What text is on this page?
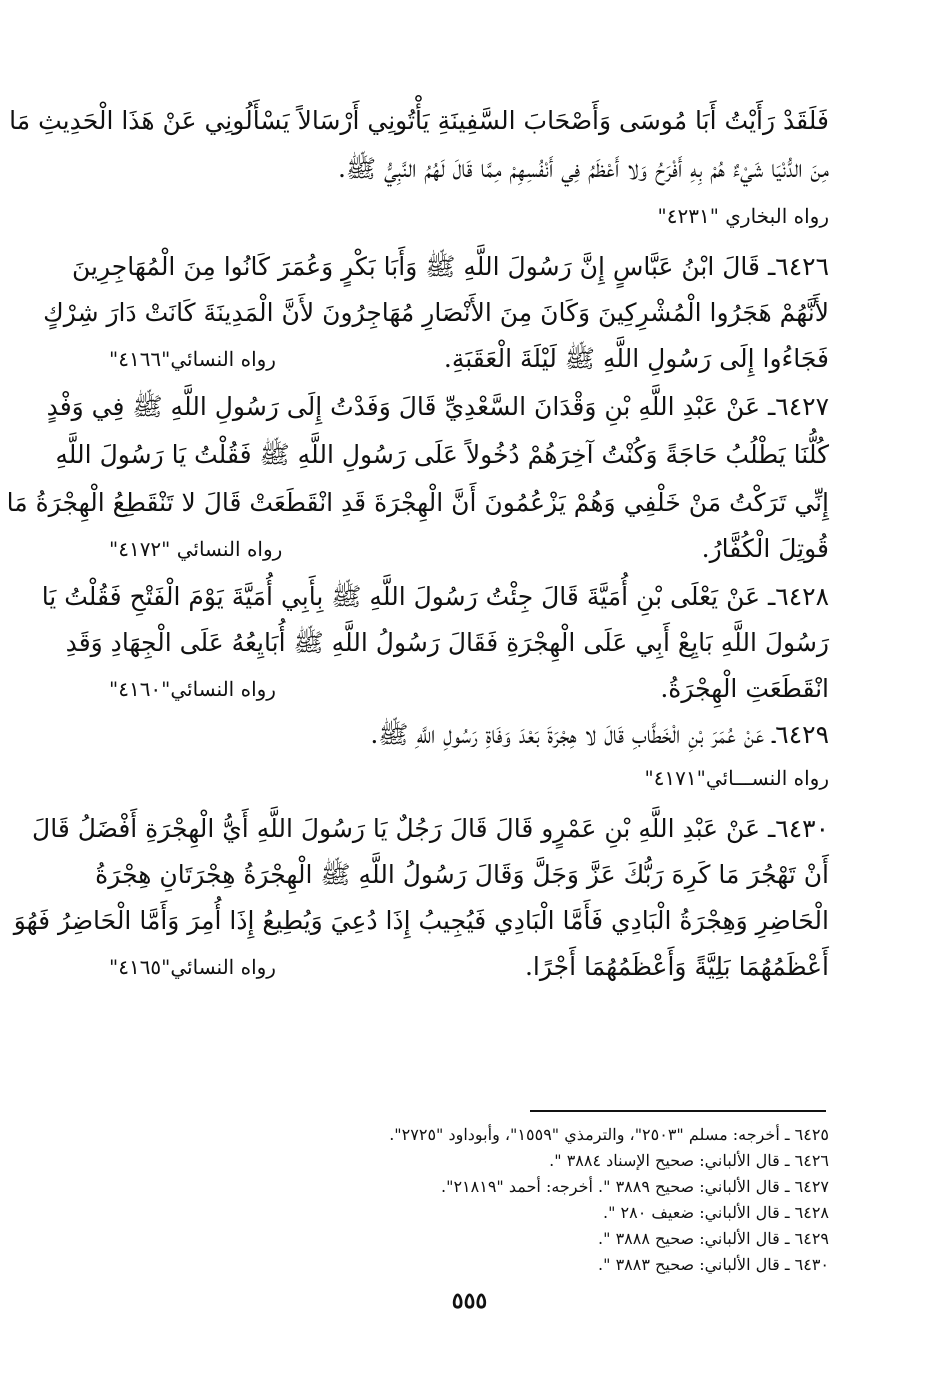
فَلَقَدْ رَأَيْتُ أَبَا مُوسَى وَأَصْحَابَ السَّفِينَةِ يَأْتُونِي أَرْسَالاً يَسْأَلُونِي عَنْ هَذَا الْحَدِيثِ مَا
مِنَ الدُّنْيَا شَيْءٌ هُمْ بِهِ أَفْرَحُ وَلا أَعْظَمُ فِي أَنْفُسِهِمْ مِمَّا قَالَ لَهُمُ النَّبِيُّ ﷺ.
رواه البخاري "٤٢٣١"
٦٤٢٦ـ قَالَ ابْنُ عَبَّاسٍ إِنَّ رَسُولَ اللَّهِ ﷺ وَأَبَا بَكْرٍ وَعُمَرَ كَانُوا مِنَ الْمُهَاجِرِينَ
لأَنَّهُمْ هَجَرُوا الْمُشْرِكِينَ وَكَانَ مِنَ الأَنْصَارِ مُهَاجِرُونَ لأَنَّ الْمَدِينَةَ كَانَتْ دَارَ شِرْكٍ
فَجَاءُوا إِلَى رَسُولِ اللَّهِ ﷺ لَيْلَةَ الْعَقَبَةِ.
رواه النسائي"٤١٦٦"
٦٤٢٧ـ عَنْ عَبْدِ اللَّهِ بْنِ وَقْدَانَ السَّعْدِيِّ قَالَ وَفَدْتُ إِلَى رَسُولِ اللَّهِ ﷺ فِي وَفْدٍ
كُلُّنَا يَطْلُبُ حَاجَةً وَكُنْتُ آخِرَهُمْ دُخُولاً عَلَى رَسُولِ اللَّهِ ﷺ فَقُلْتُ يَا رَسُولَ اللَّهِ
إِنِّي تَرَكْتُ مَنْ خَلْفِي وَهُمْ يَزْعُمُونَ أَنَّ الْهِجْرَةَ قَدِ انْقَطَعَتْ قَالَ لا تَنْقَطِعُ الْهِجْرَةُ مَا
قُوتِلَ الْكُفَّارُ.
رواه النسائي "٤١٧٢"
٦٤٢٨ـ عَنْ يَعْلَى بْنِ أُمَيَّةَ قَالَ جِئْتُ رَسُولَ اللَّهِ ﷺ بِأَبِي أُمَيَّةَ يَوْمَ الْفَتْحِ فَقُلْتُ يَا
رَسُولَ اللَّهِ بَايِعْ أَبِي عَلَى الْهِجْرَةِ فَقَالَ رَسُولُ اللَّهِ ﷺ أُبَايِعُهُ عَلَى الْجِهَادِ وَقَدِ
انْقَطَعَتِ الْهِجْرَةُ.
رواه النسائي"٤١٦٠"
٦٤٢٩ـ عَنْ عُمَرَ بْنِ الْخَطَّابِ قَالَ لا هِجْرَةَ بَعْدَ وَفَاةِ رَسُولِ اللَّهِ ﷺ.
رواه النســـائي"٤١٧١"
٦٤٣٠ـ عَنْ عَبْدِ اللَّهِ بْنِ عَمْرٍو قَالَ قَالَ رَجُلٌ يَا رَسُولَ اللَّهِ أَيُّ الْهِجْرَةِ أَفْضَلُ قَالَ
أَنْ تَهْجُرَ مَا كَرِهَ رَبُّكَ عَزَّ وَجَلَّ وَقَالَ رَسُولُ اللَّهِ ﷺ الْهِجْرَةُ هِجْرَتَانِ هِجْرَةُ
الْحَاضِرِ وَهِجْرَةُ الْبَادِي فَأَمَّا الْبَادِي فَيُجِيبُ إِذَا دُعِيَ وَيُطِيعُ إِذَا أُمِرَ وَأَمَّا الْحَاضِرُ فَهُوَ
أَعْظَمُهُمَا بَلِيَّةً وَأَعْظَمُهُمَا أَجْرًا.
رواه النسائي"٤١٦٥"
٦٤٢٥ ـ أخرجه: مسلم "٢٥٠٣"، والترمذي "١٥٥٩"، وأبوداود "٢٧٢٥".
٦٤٢٦ ـ قال الألباني: صحيح الإسناد ٣٨٨٤ ".
٦٤٢٧ ـ قال الألباني: صحيح ٣٨٨٩ ". أخرجه: أحمد "٢١٨١٩".
٦٤٢٨ ـ قال الألباني: ضعيف ٢٨٠ ".
٦٤٢٩ ـ قال الألباني: صحيح ٣٨٨٨ ".
٦٤٣٠ ـ قال الألباني: صحيح ٣٨٨٣ ".
٥٥٥
